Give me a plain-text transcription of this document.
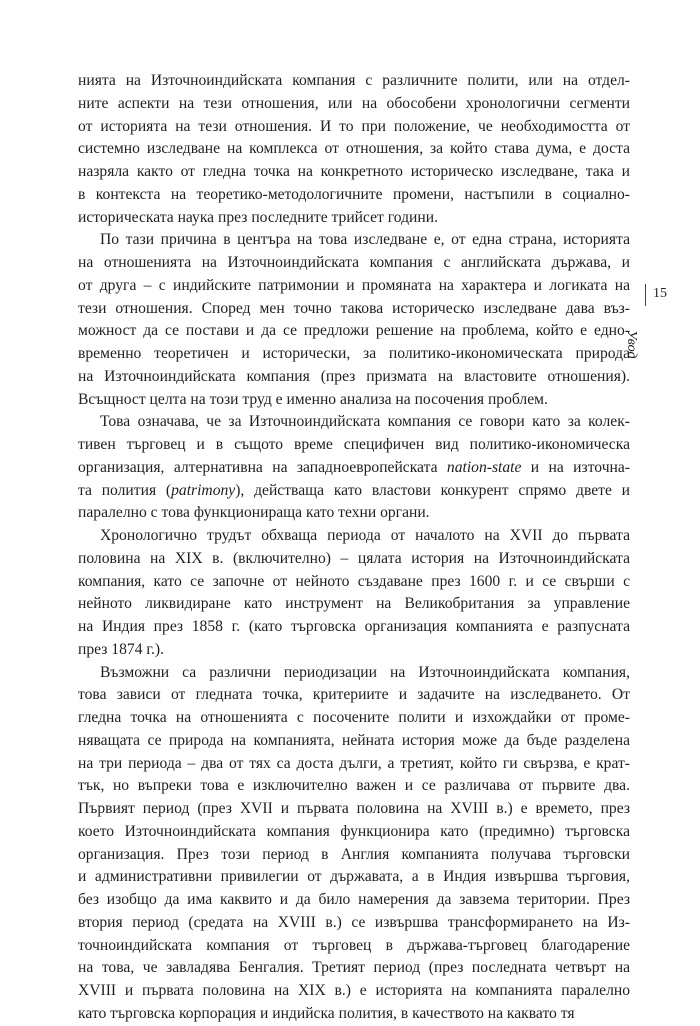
нията на Източноиндийската компания с различните полити, или на отдел-
ните аспекти на тези отношения, или на обособени хронологични сегменти
от историята на тези отношения. И то при положение, че необходимостта от
системно изследване на комплекса от отношения, за който става дума, е доста
назряла както от гледна точка на конкретното историческо изследване, така и
в контекста на теоретико-методологичните промени, настъпили в социално-
историческата наука през последните трийсет години.

По тази причина в центъра на това изследване е, от една страна, историята
на отношенията на Източноиндийската компания с английската държава, и
от друга – с индийските патримонии и промяната на характера и логиката на
тези отношения. Според мен точно такова историческо изследване дава въз-
можност да се постави и да се предложи решение на проблема, който е едно-
временно теоретичен и исторически, за политико-икономическата природа
на Източноиндийската компания (през призмата на властовите отношения).
Всъщност целта на този труд е именно анализа на посочения проблем.

Това означава, че за Източноиндийската компания се говори като за колек-
тивен търговец и в същото време специфичен вид политико-икономическа
организация, алтернативна на западноевропейската nation-state и на източна-
та полития (patrimony), действаща като властови конкурент спрямо двете и
паралелно с това функционираща като техни органи.

Хронологично трудът обхваща периода от началото на XVII до първата
половина на XIX в. (включително) – цялата история на Източноиндийската
компания, като се започне от нейното създаване през 1600 г. и се свърши с
нейното ликвидиране като инструмент на Великобритания за управление
на Индия през 1858 г. (като търговска организация компанията е разпусната
през 1874 г.).

Възможни са различни периодизации на Източноиндийската компания,
това зависи от гледната точка, критериите и задачите на изследването. От
гледна точка на отношенията с посочените полити и изхождайки от проме-
няващата се природа на компанията, нейната история може да бъде разделена
на три периода – два от тях са доста дълги, а третият, който ги свързва, е крат-
тък, но въпреки това е изключително важен и се различава от първите два.
Първият период (през XVII и първата половина на XVIII в.) е времето, през
което Източноиндийската компания функционира като (предимно) търговска
организация. През този период в Англия компанията получава търговски
и административни привилегии от държавата, а в Индия извършва търговия,
без изобщо да има каквито и да било намерения да завзема територии. През
втория период (средата на XVIII в.) се извършва трансформирането на Из-
точноиндийската компания от търговец в държава-търговец благодарение
на това, че завладява Бенгалия. Третият период (през последната четвърт на
XVIII и първата половина на XIX в.) е историята на компанията паралелно
като търговска корпорация и индийска полития, в качеството на каквато тя

15
Увод
